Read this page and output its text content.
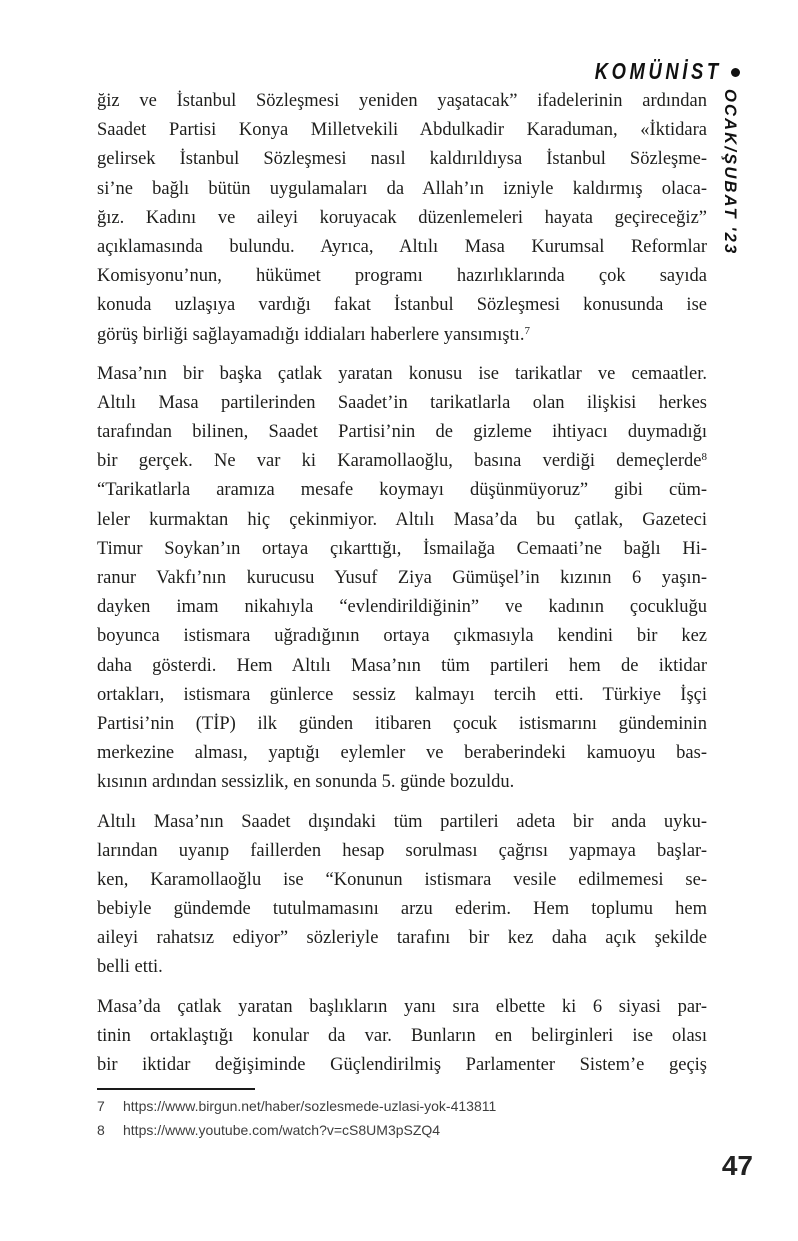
KOMÜNİST
OCAK/ŞUBAT '23

ğiz ve İstanbul Sözleşmesi yeniden yaşatacak” ifadelerinin ardından
Saadet Partisi Konya Milletvekili Abdulkadir Karaduman, «İktidara
gelirsek İstanbul Sözleşmesi nasıl kaldırıldıysa İstanbul Sözleşme-
si’ne bağlı bütün uygulamaları da Allah’ın izniyle kaldırmış olaca-
ğız. Kadını ve aileyi koruyacak düzenlemeleri hayata geçireceğiz”
açıklamasında bulundu. Ayrıca, Altılı Masa Kurumsal Reformlar
Komisyonu’nun, hükümet programı hazırlıklarında çok sayıda
konuda uzlaşıya vardığı fakat İstanbul Sözleşmesi konusunda ise
görüş birliği sağlayamadığı iddiaları haberlere yansımıştı.$^7$

Masa’nın bir başka çatlak yaratan konusu ise tarikatlar ve cemaatler.
Altılı Masa partilerinden Saadet’in tarikatlarla olan ilişkisi herkes
tarafından bilinen, Saadet Partisi’nin de gizleme ihtiyacı duymadığı
bir gerçek. Ne var ki Karamollaoğlu, basına verdiği demeçlerde$^8$
“Tarikatlarla aramıza mesafe koymayı düşünmüyoruz” gibi cüm-
leler kurmaktan hiç çekinmiyor. Altılı Masa’da bu çatlak, Gazeteci
Timur Soykan’ın ortaya çıkarttığı, İsmailağa Cemaati’ne bağlı Hi-
ranur Vakfı’nın kurucusu Yusuf Ziya Gümüşel’in kızının 6 yaşın-
dayken imam nikahıyla “evlendirildiğinin” ve kadının çocukluğu
boyunca istismara uğradığının ortaya çıkmasıyla kendini bir kez
daha gösterdi. Hem Altılı Masa’nın tüm partileri hem de iktidar
ortakları, istismara günlerce sessiz kalmayı tercih etti. Türkiye İşçi
Partisi’nin (TİP) ilk günden itibaren çocuk istismarını gündeminin
merkezine alması, yaptığı eylemler ve beraberindeki kamuoyu bas-
kısının ardından sessizlik, en sonunda 5. günde bozuldu.

Altılı Masa’nın Saadet dışındaki tüm partileri adeta bir anda uyku-
larından uyanıp faillerden hesap sorulması çağrısı yapmaya başlar-
ken, Karamollaoğlu ise “Konunun istismara vesile edilmemesi se-
bebiyle gündemde tutulmamasını arzu ederim. Hem toplumu hem
aileyi rahatsız ediyor” sözleriyle tarafını bir kez daha açık şekilde
belli etti.

Masa’da çatlak yaratan başlıkların yanı sıra elbette ki 6 siyasi par-
tinin ortaklaştığı konular da var. Bunların en belirginleri ise olası
bir iktidar değişiminde Güçlendirilmiş Parlamenter Sistem’e geçiş

7	https://www.birgun.net/haber/sozlesmede-uzlasi-yok-413811
8	https://www.youtube.com/watch?v=cS8UM3pSZQ4
47
